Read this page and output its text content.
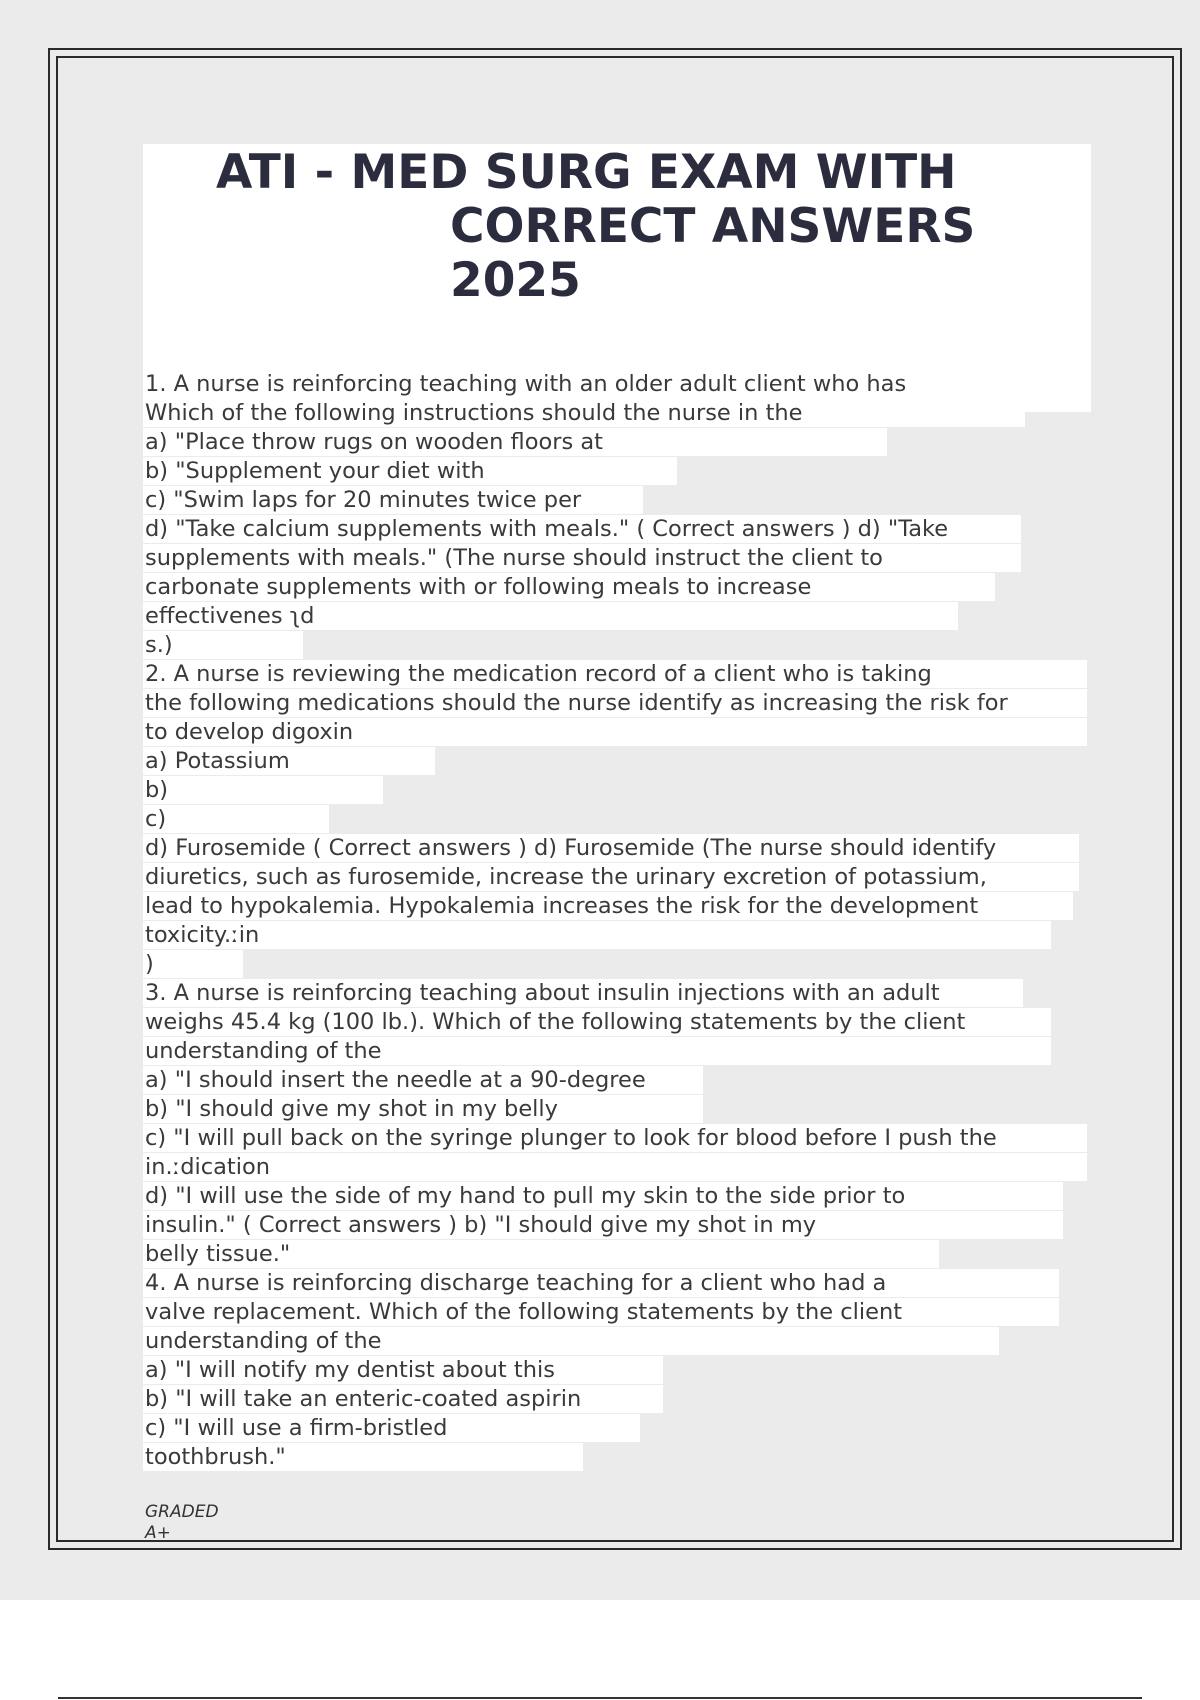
ATI - MED SURG EXAM WITH
CORRECT ANSWERS
2025
1. A nurse is reinforcing teaching with an older adult client who has
Which of the following instructions should the nurse in the
a) "Place throw rugs on wooden floors at
b) "Supplement your diet with
c) "Swim laps for 20 minutes twice per
d) "Take calcium supplements with meals." ( Correct answers ) d) "Take
supplements with meals." (The nurse should instruct the client to
carbonate supplements with or following meals to increase
effectivenes ʅd
s.)
2. A nurse is reviewing the medication record of a client who is taking
the following medications should the nurse identify as increasing the risk for
to develop digoxin
a) Potassium
b)
c)
d) Furosemide ( Correct answers ) d) Furosemide (The nurse should identify
diuretics, such as furosemide, increase the urinary excretion of potassium,
lead to hypokalemia. Hypokalemia increases the risk for the development
toxicity.ːin
)
3. A nurse is reinforcing teaching about insulin injections with an adult
weighs 45.4 kg (100 lb.). Which of the following statements by the client
understanding of the
a) "I should insert the needle at a 90-degree
b) "I should give my shot in my belly
c) "I will pull back on the syringe plunger to look for blood before I push the
in.ːdication
d) "I will use the side of my hand to pull my skin to the side prior to
insulin." ( Correct answers ) b) "I should give my shot in my
belly tissue."
4. A nurse is reinforcing discharge teaching for a client who had a
valve replacement. Which of the following statements by the client
understanding of the
a) "I will notify my dentist about this
b) "I will take an enteric-coated aspirin
c) "I will use a firm-bristled
toothbrush."

GRADED
A+
